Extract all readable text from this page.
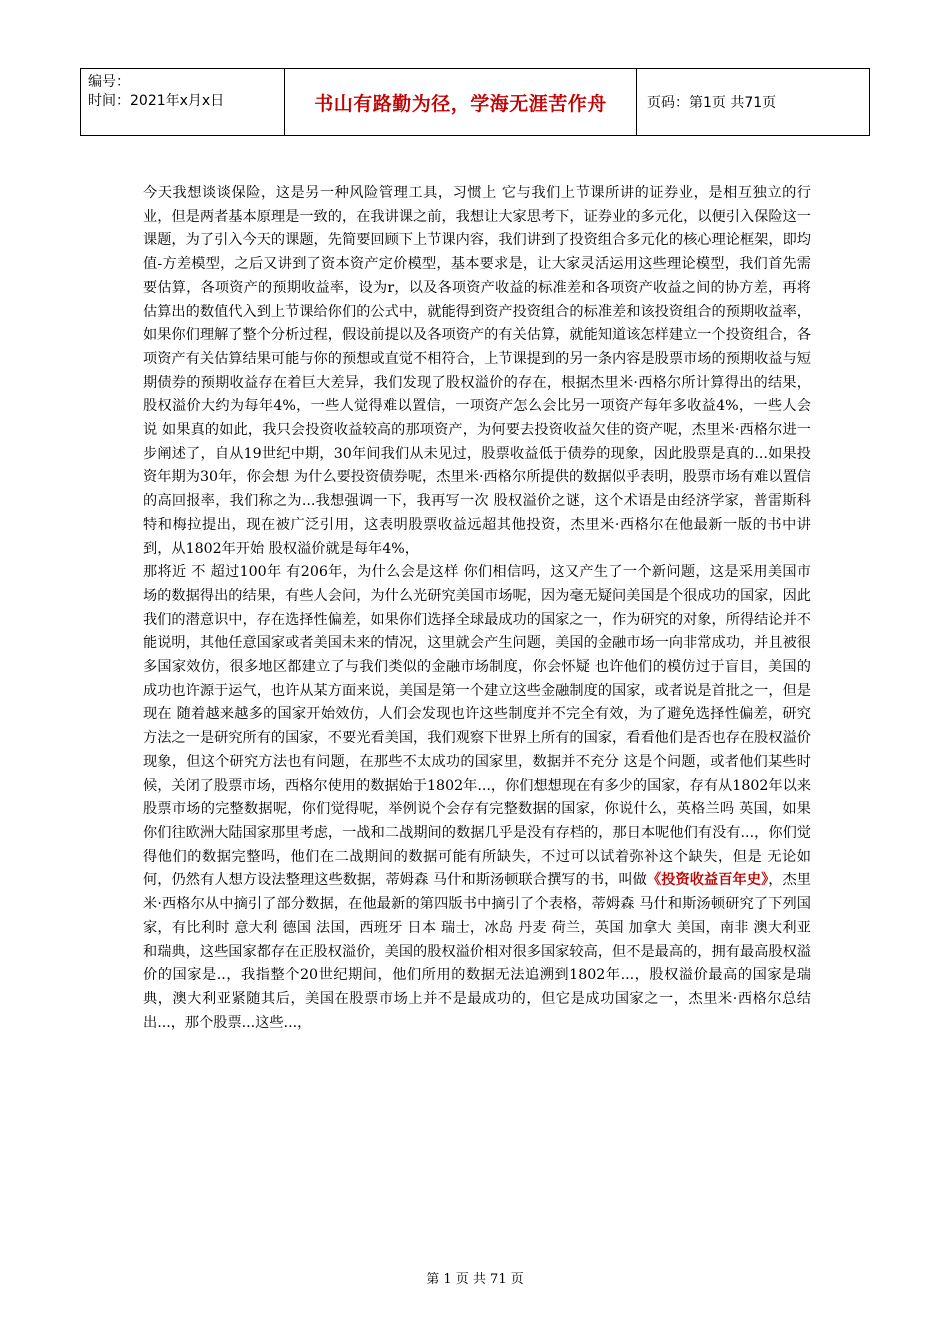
编号：
时间：2021年x月x日	书山有路勤为径，学海无涯苦作舟	页码：第1页 共71页

今天我想谈谈保险，这是另一种风险管理工具，习惯上 它与我们上节课所讲的证券业，是相互独立的行业，但是两者基本原理是一致的，在我讲课之前，我想让大家思考下，证券业的多元化，以便引入保险这一课题，为了引入今天的课题，先简要回顾下上节课内容，我们讲到了投资组合多元化的核心理论框架，即均值-方差模型，之后又讲到了资本资产定价模型，基本要求是，让大家灵活运用这些理论模型，我们首先需要估算，各项资产的预期收益率，设为r，以及各项资产收益的标准差和各项资产收益之间的协方差，再将估算出的数值代入到上节课给你们的公式中，就能得到资产投资组合的标准差和该投资组合的预期收益率，如果你们理解了整个分析过程，假设前提以及各项资产的有关估算，就能知道该怎样建立一个投资组合，各项资产有关估算结果可能与你的预想或直觉不相符合，上节课提到的另一条内容是股票市场的预期收益与短期债券的预期收益存在着巨大差异，我们发现了股权溢价的存在，根据杰里米·西格尔所计算得出的结果，股权溢价大约为每年4%，一些人觉得难以置信，一项资产怎么会比另一项资产每年多收益4%，一些人会说 如果真的如此，我只会投资收益较高的那项资产，为何要去投资收益欠佳的资产呢，杰里米·西格尔进一步阐述了，自从19世纪中期，30年间我们从未见过，股票收益低于债券的现象，因此股票是真的...如果投资年期为30年，你会想 为什么要投资债券呢，杰里米·西格尔所提供的数据似乎表明，股票市场有难以置信的高回报率，我们称之为...我想强调一下，我再写一次 股权溢价之谜，这个术语是由经济学家，普雷斯科特和梅拉提出，现在被广泛引用，这表明股票收益远超其他投资，杰里米·西格尔在他最新一版的书中讲到，从1802年开始 股权溢价就是每年4%，

那将近 不 超过100年 有206年，为什么会是这样 你们相信吗，这又产生了一个新问题，这是采用美国市场的数据得出的结果，有些人会问，为什么光研究美国市场呢，因为毫无疑问美国是个很成功的国家，因此我们的潜意识中，存在选择性偏差，如果你们选择全球最成功的国家之一，作为研究的对象，所得结论并不能说明，其他任意国家或者美国未来的情况，这里就会产生问题，美国的金融市场一向非常成功，并且被很多国家效仿，很多地区都建立了与我们类似的金融市场制度，你会怀疑 也许他们的模仿过于盲目，美国的成功也许源于运气，也许从某方面来说，美国是第一个建立这些金融制度的国家，或者说是首批之一，但是现在 随着越来越多的国家开始效仿，人们会发现也许这些制度并不完全有效，为了避免选择性偏差，研究方法之一是研究所有的国家，不要光看美国，我们观察下世界上所有的国家，看看他们是否也存在股权溢价现象，但这个研究方法也有问题，在那些不太成功的国家里，数据并不充分 这是个问题，或者他们某些时候，关闭了股票市场，西格尔使用的数据始于1802年...，你们想想现在有多少的国家，存有从1802年以来 股票市场的完整数据呢，你们觉得呢，举例说个会存有完整数据的国家，你说什么，英格兰吗 英国，如果你们往欧洲大陆国家那里考虑，一战和二战期间的数据几乎是没有存档的，那日本呢他们有没有...，你们觉得他们的数据完整吗，他们在二战期间的数据可能有所缺失，不过可以试着弥补这个缺失，但是 无论如何，仍然有人想方设法整理这些数据，蒂姆森 马什和斯汤顿联合撰写的书，叫做《投资收益百年史》，杰里米·西格尔从中摘引了部分数据，在他最新的第四版书中摘引了个表格，蒂姆森 马什和斯汤顿研究了下列国家，有比利时 意大利 德国 法国，西班牙 日本 瑞士，冰岛 丹麦 荷兰，英国 加拿大 美国，南非 澳大利亚和瑞典，这些国家都存在正股权溢价，美国的股权溢价相对很多国家较高，但不是最高的，拥有最高股权溢价的国家是..，我指整个20世纪期间，他们所用的数据无法追溯到1802年...，股权溢价最高的国家是瑞典，澳大利亚紧随其后，美国在股票市场上并不是最成功的，但它是成功国家之一，杰里米·西格尔总结出...，那个股票...这些...，

第 1 页 共 71 页
